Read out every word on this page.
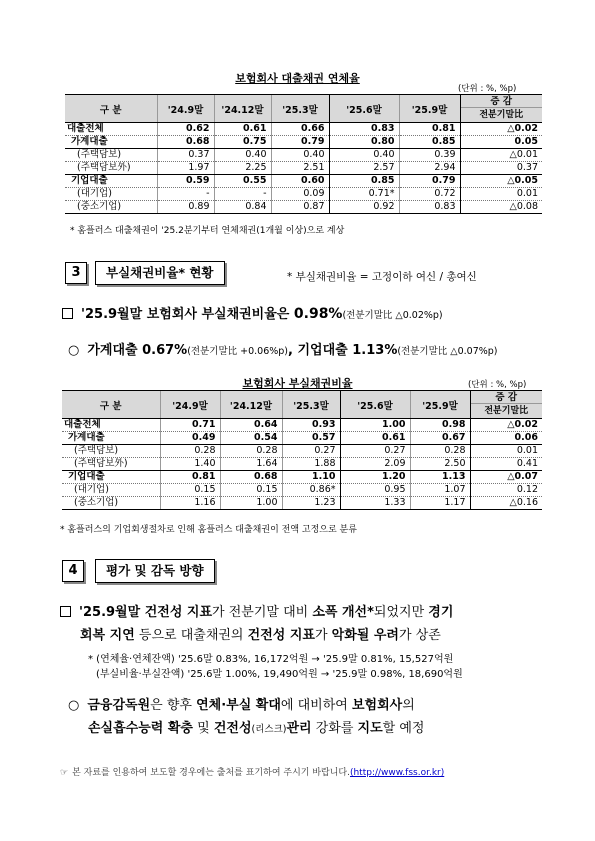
보험회사 대출채권 연체율
(단위 : %, %p)
구 분	'24.9말	'24.12말	'25.3말	'25.6말	'25.9말	증 감
전분기말比

대출전체	0.62	0.61	0.66	0.83	0.81	△0.02
가계대출	0.68	0.75	0.79	0.80	0.85	0.05
(주택담보)	0.37	0.40	0.40	0.40	0.39	△0.01
(주택담보外)	1.97	2.25	2.51	2.57	2.94	0.37
기업대출	0.59	0.55	0.60	0.85	0.79	△0.05
(대기업)	-	-	0.09	0.71*	0.72	0.01
(중소기업)	0.89	0.84	0.87	0.92	0.83	△0.08
* 홈플러스 대출채권이 '25.2분기부터 연체채권(1개월 이상)으로 계상
3	부실채권비율* 현황	* 부실채권비율 = 고정이하 여신 / 총여신
'25.9월말 보험회사 부실채권비율은 0.98%(전분기말比 △0.02%p)
○ 가계대출 0.67%(전분기말比 +0.06%p), 기업대출 1.13%(전분기말比 △0.07%p)
보험회사 부실채권비율	(단위 : %, %p)
구 분	'24.9말	'24.12말	'25.3말	'25.6말	'25.9말	증 감
전분기말比

대출전체	0.71	0.64	0.93	1.00	0.98	△0.02
가계대출	0.49	0.54	0.57	0.61	0.67	0.06
(주택담보)	0.28	0.28	0.27	0.27	0.28	0.01
(주택담보外)	1.40	1.64	1.88	2.09	2.50	0.41
기업대출	0.81	0.68	1.10	1.20	1.13	△0.07
(대기업)	0.15	0.15	0.86*	0.95	1.07	0.12
(중소기업)	1.16	1.00	1.23	1.33	1.17	△0.16
* 홈플러스의 기업회생절차로 인해 홈플러스 대출채권이 전액 고정으로 분류
4	평가 및 감독 방향
'25.9월말 건전성 지표가 전분기말 대비 소폭 개선*되었지만 경기
회복 지연 등으로 대출채권의 건전성 지표가 악화될 우려가 상존
* (연체율·연체잔액) '25.6말 0.83%, 16,172억원 → '25.9말 0.81%, 15,527억원
(부실비율·부실잔액) '25.6말 1.00%, 19,490억원 → '25.9말 0.98%, 18,690억원
○ 금융감독원은 향후 연체·부실 확대에 대비하여 보험회사의
손실흡수능력 확충 및 건전성(리스크)관리 강화를 지도할 예정
☞ 본 자료를 인용하여 보도할 경우에는 출처를 표기하여 주시기 바랍니다.(http://www.fss.or.kr)
